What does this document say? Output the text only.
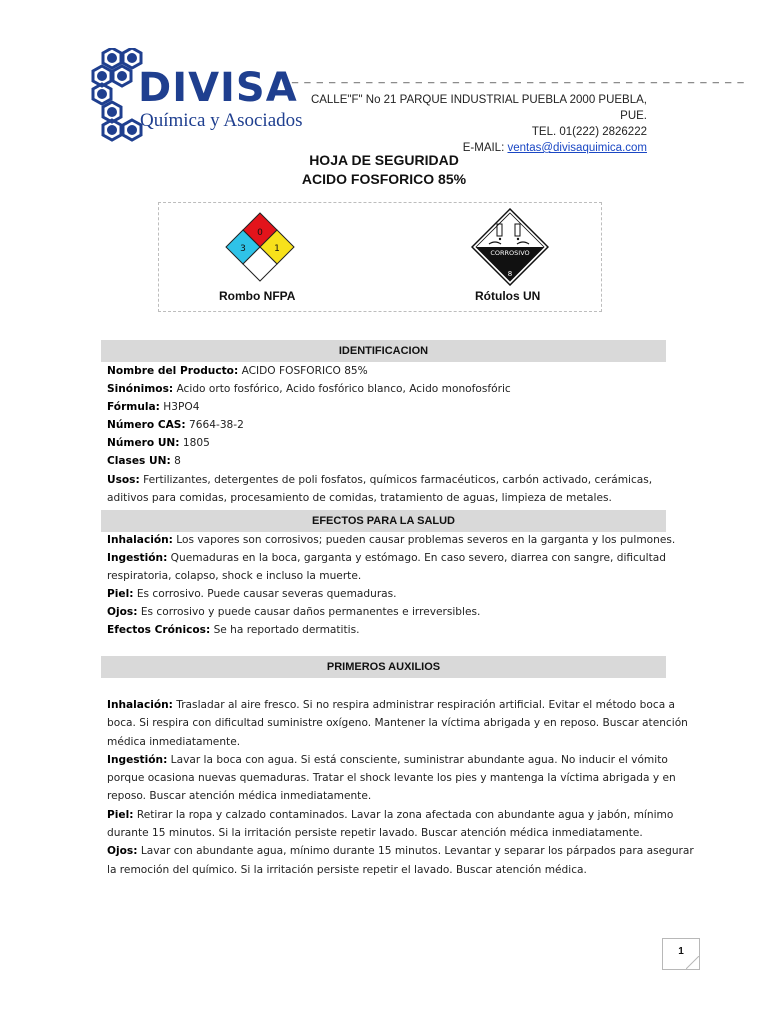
DIVISA
Química y Asociados
_ _ _ _ _ _ _ _ _ _ _ _ _ _ _ _ _ _ _ _ _ _ _ _ _ _ _ _ _ _ _ _ _ _ _ _ _
CALLE"F" No 21 PARQUE INDUSTRIAL PUEBLA 2000 PUEBLA, PUE.
TEL. 01(222) 2826222
E-MAIL: ventas@divisaquimica.com
HOJA DE SEGURIDAD
ACIDO FOSFORICO 85%
0
3	1
Rombo NFPA
CORROSIVO
8
Rótulos UN
IDENTIFICACION

Nombre del Producto: ACIDO FOSFORICO 85%

Sinónimos: Acido orto fosfórico, Acido fosfórico blanco, Acido monofosfóric

Fórmula: H3PO4

Número CAS: 7664-38-2

Número UN: 1805

Clases UN: 8

Usos: Fertilizantes, detergentes de poli fosfatos, químicos farmacéuticos, carbón activado, cerámicas,

aditivos para comidas, procesamiento de comidas, tratamiento de aguas, limpieza de metales.

EFECTOS PARA LA SALUD

Inhalación: Los vapores son corrosivos; pueden causar problemas severos en la garganta y los pulmones.

Ingestión: Quemaduras en la boca, garganta y estómago. En caso severo, diarrea con sangre, dificultad

respiratoria, colapso, shock e incluso la muerte.

Piel: Es corrosivo. Puede causar severas quemaduras.

Ojos: Es corrosivo y puede causar daños permanentes e irreversibles.

Efectos Crónicos: Se ha reportado dermatitis.

PRIMEROS AUXILIOS

Inhalación: Trasladar al aire fresco. Si no respira administrar respiración artificial. Evitar el método boca a

boca. Si respira con dificultad suministre oxígeno. Mantener la víctima abrigada y en reposo. Buscar atención

médica inmediatamente.

Ingestión: Lavar la boca con agua. Si está consciente, suministrar abundante agua. No inducir el vómito

porque ocasiona nuevas quemaduras. Tratar el shock levante los pies y mantenga la víctima abrigada y en

reposo. Buscar atención médica inmediatamente.

Piel: Retirar la ropa y calzado contaminados. Lavar la zona afectada con abundante agua y jabón, mínimo

durante 15 minutos. Si la irritación persiste repetir lavado. Buscar atención médica inmediatamente.

Ojos: Lavar con abundante agua, mínimo durante 15 minutos. Levantar y separar los párpados para asegurar

la remoción del químico. Si la irritación persiste repetir el lavado. Buscar atención médica.

1
